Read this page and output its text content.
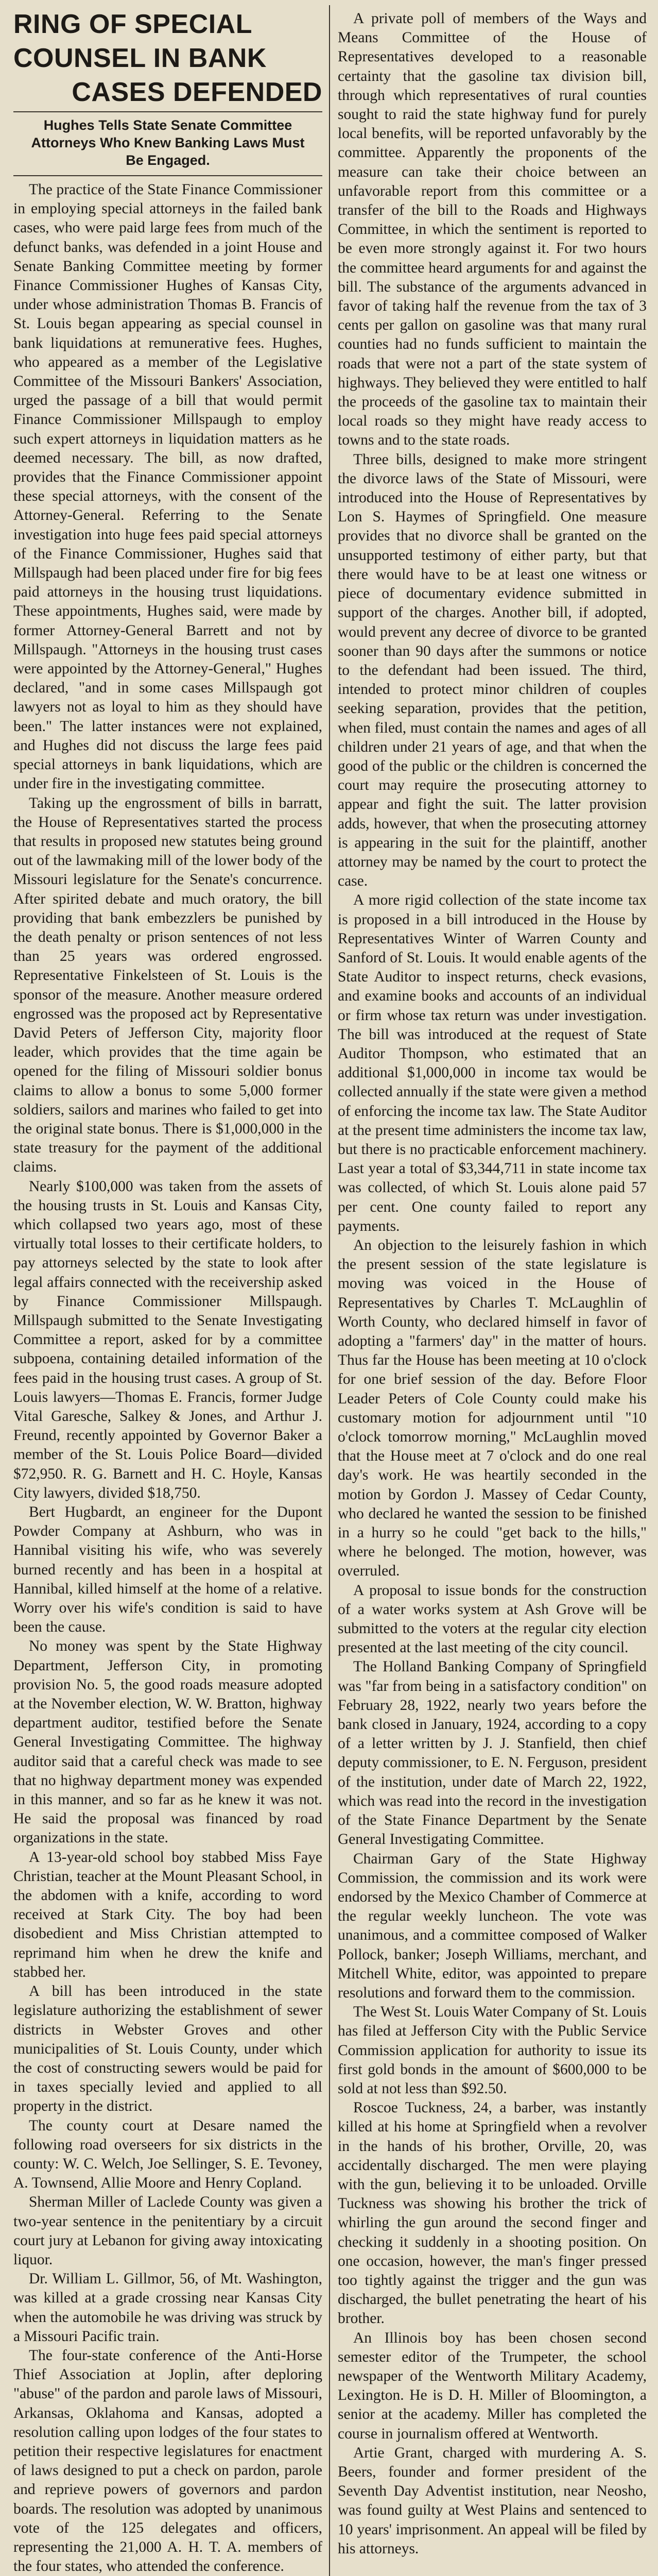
RING OF SPECIAL
COUNSEL IN BANK
CASES DEFENDED
Hughes Tells State Senate Committee Attorneys Who Knew Banking Laws Must Be Engaged.

The practice of the State Finance Commissioner in employing special attorneys in the failed bank cases, who were paid large fees from much of the defunct banks, was defended in a joint House and Senate Banking Committee meeting by former Finance Commissioner Hughes of Kansas City, under whose administration Thomas B. Francis of St. Louis began appearing as special counsel in bank liquidations at remunerative fees. Hughes, who appeared as a member of the Legislative Committee of the Missouri Bankers' Association, urged the passage of a bill that would permit Finance Commissioner Millspaugh to employ such expert attorneys in liquidation matters as he deemed necessary. The bill, as now drafted, provides that the Finance Commissioner appoint these special attorneys, with the consent of the Attorney-General. Referring to the Senate investigation into huge fees paid special attorneys of the Finance Commissioner, Hughes said that Millspaugh had been placed under fire for big fees paid attorneys in the housing trust liquidations. These appointments, Hughes said, were made by former Attorney-General Barrett and not by Millspaugh. "Attorneys in the housing trust cases were appointed by the Attorney-General," Hughes declared, "and in some cases Millspaugh got lawyers not as loyal to him as they should have been." The latter instances were not explained, and Hughes did not discuss the large fees paid special attorneys in bank liquidations, which are under fire in the investigating committee.

Taking up the engrossment of bills in barratt, the House of Representatives started the process that results in proposed new statutes being ground out of the lawmaking mill of the lower body of the Missouri legislature for the Senate's concurrence. After spirited debate and much oratory, the bill providing that bank embezzlers be punished by the death penalty or prison sentences of not less than 25 years was ordered engrossed. Representative Finkelsteen of St. Louis is the sponsor of the measure. Another measure ordered engrossed was the proposed act by Representative David Peters of Jefferson City, majority floor leader, which provides that the time again be opened for the filing of Missouri soldier bonus claims to allow a bonus to some 5,000 former soldiers, sailors and marines who failed to get into the original state bonus. There is $1,000,000 in the state treasury for the payment of the additional claims.

Nearly $100,000 was taken from the assets of the housing trusts in St. Louis and Kansas City, which collapsed two years ago, most of these virtually total losses to their certificate holders, to pay attorneys selected by the state to look after legal affairs connected with the receivership asked by Finance Commissioner Millspaugh. Millspaugh submitted to the Senate Investigating Committee a report, asked for by a committee subpoena, containing detailed information of the fees paid in the housing trust cases. A group of St. Louis lawyers—Thomas E. Francis, former Judge Vital Garesche, Salkey & Jones, and Arthur J. Freund, recently appointed by Governor Baker a member of the St. Louis Police Board—divided $72,950. R. G. Barnett and H. C. Hoyle, Kansas City lawyers, divided $18,750.

Bert Hugbardt, an engineer for the Dupont Powder Company at Ashburn, who was in Hannibal visiting his wife, who was severely burned recently and has been in a hospital at Hannibal, killed himself at the home of a relative. Worry over his wife's condition is said to have been the cause.

No money was spent by the State Highway Department, Jefferson City, in promoting provision No. 5, the good roads measure adopted at the November election, W. W. Bratton, highway department auditor, testified before the Senate General Investigating Committee. The highway auditor said that a careful check was made to see that no highway department money was expended in this manner, and so far as he knew it was not. He said the proposal was financed by road organizations in the state.

A 13-year-old school boy stabbed Miss Faye Christian, teacher at the Mount Pleasant School, in the abdomen with a knife, according to word received at Stark City. The boy had been disobedient and Miss Christian attempted to reprimand him when he drew the knife and stabbed her.

A bill has been introduced in the state legislature authorizing the establishment of sewer districts in Webster Groves and other municipalities of St. Louis County, under which the cost of constructing sewers would be paid for in taxes specially levied and applied to all property in the district.

The county court at Desare named the following road overseers for six districts in the county: W. C. Welch, Joe Sellinger, S. E. Tevoney, A. Townsend, Allie Moore and Henry Copland.

Sherman Miller of Laclede County was given a two-year sentence in the penitentiary by a circuit court jury at Lebanon for giving away intoxicating liquor.

Dr. William L. Gillmor, 56, of Mt. Washington, was killed at a grade crossing near Kansas City when the automobile he was driving was struck by a Missouri Pacific train.

The four-state conference of the Anti-Horse Thief Association at Joplin, after deploring "abuse" of the pardon and parole laws of Missouri, Arkansas, Oklahoma and Kansas, adopted a resolution calling upon lodges of the four states to petition their respective legislatures for enactment of laws designed to put a check on pardon, parole and reprieve powers of governors and pardon boards. The resolution was adopted by unanimous vote of the 125 delegates and officers, representing the 21,000 A. H. T. A. members of the four states, who attended the conference.

A private poll of members of the Ways and Means Committee of the House of Representatives developed to a reasonable certainty that the gasoline tax division bill, through which representatives of rural counties sought to raid the state highway fund for purely local benefits, will be reported unfavorably by the committee. Apparently the proponents of the measure can take their choice between an unfavorable report from this committee or a transfer of the bill to the Roads and Highways Committee, in which the sentiment is reported to be even more strongly against it. For two hours the committee heard arguments for and against the bill. The substance of the arguments advanced in favor of taking half the revenue from the tax of 3 cents per gallon on gasoline was that many rural counties had no funds sufficient to maintain the roads that were not a part of the state system of highways. They believed they were entitled to half the proceeds of the gasoline tax to maintain their local roads so they might have ready access to towns and to the state roads.

Three bills, designed to make more stringent the divorce laws of the State of Missouri, were introduced into the House of Representatives by Lon S. Haymes of Springfield. One measure provides that no divorce shall be granted on the unsupported testimony of either party, but that there would have to be at least one witness or piece of documentary evidence submitted in support of the charges. Another bill, if adopted, would prevent any decree of divorce to be granted sooner than 90 days after the summons or notice to the defendant had been issued. The third, intended to protect minor children of couples seeking separation, provides that the petition, when filed, must contain the names and ages of all children under 21 years of age, and that when the good of the public or the children is concerned the court may require the prosecuting attorney to appear and fight the suit. The latter provision adds, however, that when the prosecuting attorney is appearing in the suit for the plaintiff, another attorney may be named by the court to protect the case.

A more rigid collection of the state income tax is proposed in a bill introduced in the House by Representatives Winter of Warren County and Sanford of St. Louis. It would enable agents of the State Auditor to inspect returns, check evasions, and examine books and accounts of an individual or firm whose tax return was under investigation. The bill was introduced at the request of State Auditor Thompson, who estimated that an additional $1,000,000 in income tax would be collected annually if the state were given a method of enforcing the income tax law. The State Auditor at the present time administers the income tax law, but there is no practicable enforcement machinery. Last year a total of $3,344,711 in state income tax was collected, of which St. Louis alone paid 57 per cent. One county failed to report any payments.

An objection to the leisurely fashion in which the present session of the state legislature is moving was voiced in the House of Representatives by Charles T. McLaughlin of Worth County, who declared himself in favor of adopting a "farmers' day" in the matter of hours. Thus far the House has been meeting at 10 o'clock for one brief session of the day. Before Floor Leader Peters of Cole County could make his customary motion for adjournment until "10 o'clock tomorrow morning," McLaughlin moved that the House meet at 7 o'clock and do one real day's work. He was heartily seconded in the motion by Gordon J. Massey of Cedar County, who declared he wanted the session to be finished in a hurry so he could "get back to the hills," where he belonged. The motion, however, was overruled.

A proposal to issue bonds for the construction of a water works system at Ash Grove will be submitted to the voters at the regular city election presented at the last meeting of the city council.

The Holland Banking Company of Springfield was "far from being in a satisfactory condition" on February 28, 1922, nearly two years before the bank closed in January, 1924, according to a copy of a letter written by J. J. Stanfield, then chief deputy commissioner, to E. N. Ferguson, president of the institution, under date of March 22, 1922, which was read into the record in the investigation of the State Finance Department by the Senate General Investigating Committee.

Chairman Gary of the State Highway Commission, the commission and its work were endorsed by the Mexico Chamber of Commerce at the regular weekly luncheon. The vote was unanimous, and a committee composed of Walker Pollock, banker; Joseph Williams, merchant, and Mitchell White, editor, was appointed to prepare resolutions and forward them to the commission.

The West St. Louis Water Company of St. Louis has filed at Jefferson City with the Public Service Commission application for authority to issue its first gold bonds in the amount of $600,000 to be sold at not less than $92.50.

Roscoe Tuckness, 24, a barber, was instantly killed at his home at Springfield when a revolver in the hands of his brother, Orville, 20, was accidentally discharged. The men were playing with the gun, believing it to be unloaded. Orville Tuckness was showing his brother the trick of whirling the gun around the second finger and checking it suddenly in a shooting position. On one occasion, however, the man's finger pressed too tightly against the trigger and the gun was discharged, the bullet penetrating the heart of his brother.

An Illinois boy has been chosen second semester editor of the Trumpeter, the school newspaper of the Wentworth Military Academy, Lexington. He is D. H. Miller of Bloomington, a senior at the academy. Miller has completed the course in journalism offered at Wentworth.

Artie Grant, charged with murdering A. S. Beers, founder and former president of the Seventh Day Adventist institution, near Neosho, was found guilty at West Plains and sentenced to 10 years' imprisonment. An appeal will be filed by his attorneys.
